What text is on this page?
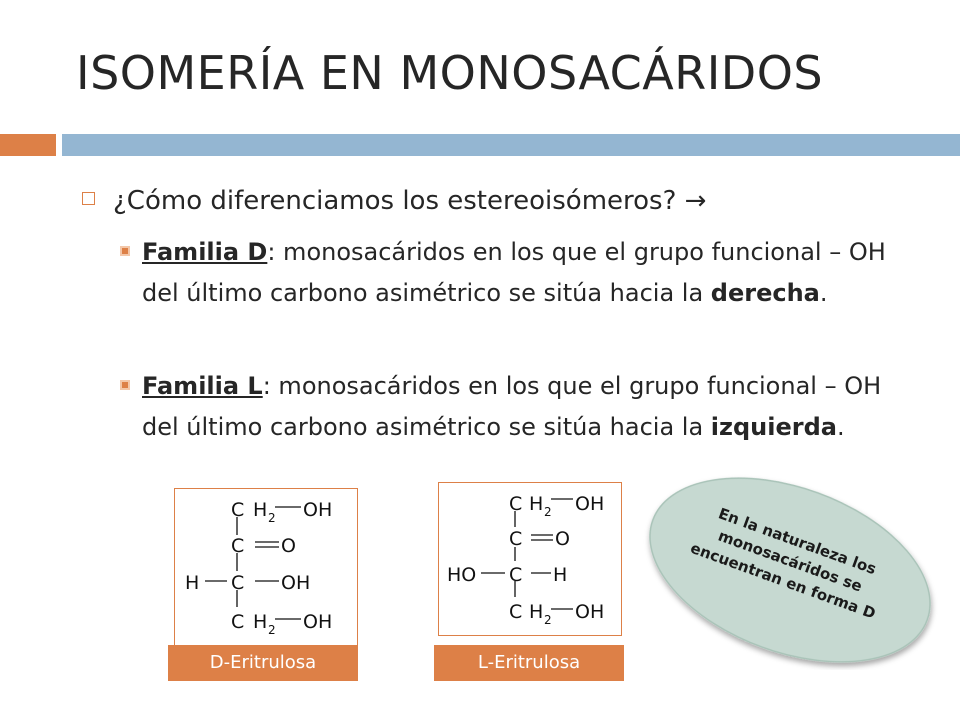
ISOMERÍA EN MONOSACÁRIDOS
¿Cómo diferenciamos los estereoisómeros? →
Familia D: monosacáridos en los que el grupo funcional – OH del último carbono asimétrico se sitúa hacia la derecha.
Familia L: monosacáridos en los que el grupo funcional – OH del último carbono asimétrico se sitúa hacia la izquierda.
C H 2 OH
C O
H C OH
C H 2 OH
D-Eritrulosa
C H 2 OH
C O
HO C H
C H 2 OH
L-Eritrulosa
En la naturaleza los monosacáridos se encuentran en forma D
